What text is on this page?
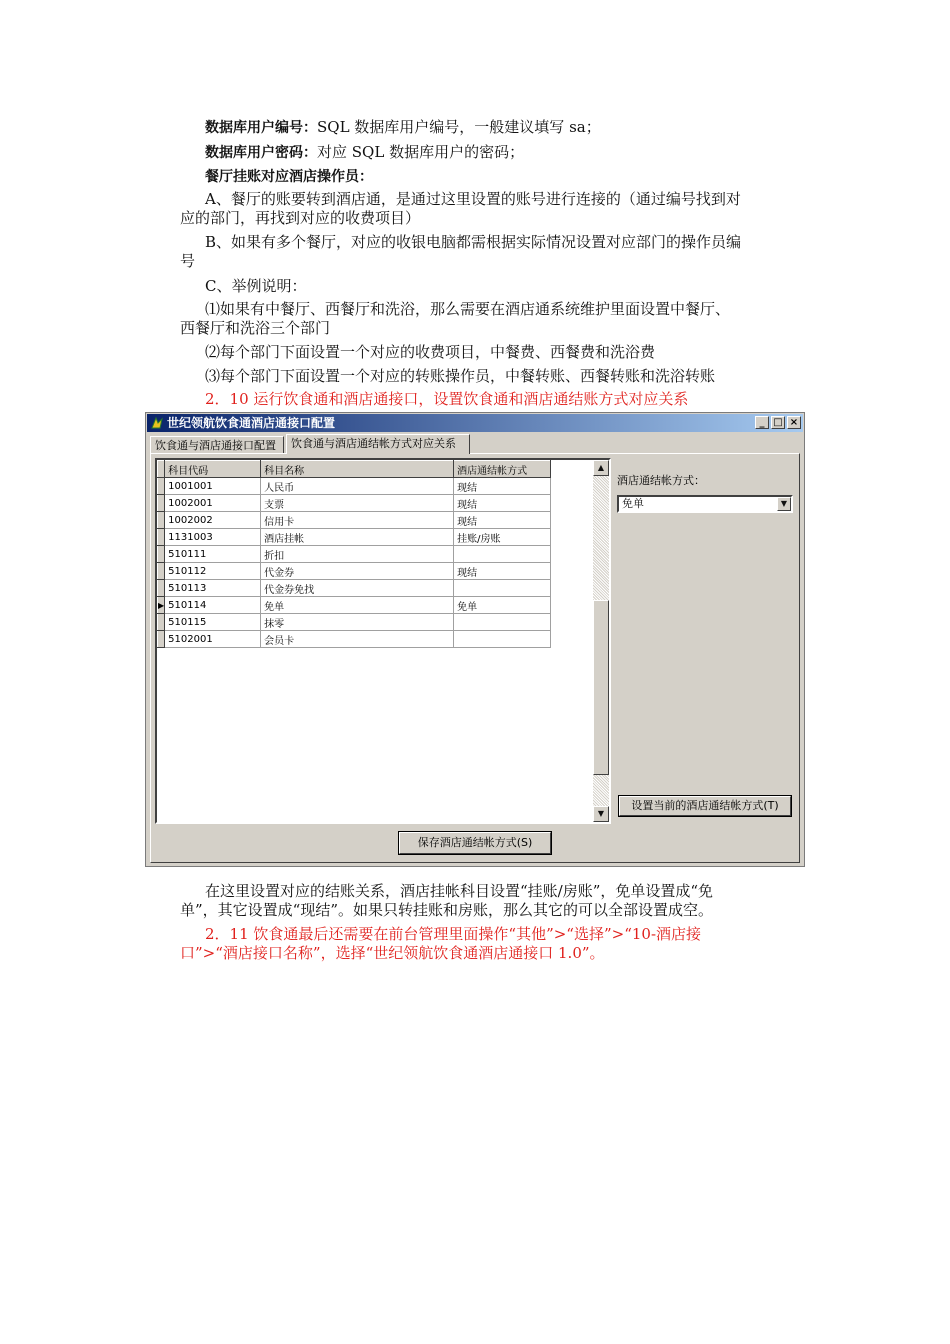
数据库用户编号：SQL 数据库用户编号，一般建议填写 sa；
数据库用户密码：对应 SQL 数据库用户的密码；
餐厅挂账对应酒店操作员：
A、餐厅的账要转到酒店通，是通过这里设置的账号进行连接的（通过编号找到对
应的部门，再找到对应的收费项目）
B、如果有多个餐厅，对应的收银电脑都需根据实际情况设置对应部门的操作员编
号
C、举例说明：
⑴如果有中餐厅、西餐厅和洗浴，那么需要在酒店通系统维护里面设置中餐厅、
西餐厅和洗浴三个部门
⑵每个部门下面设置一个对应的收费项目，中餐费、西餐费和洗浴费
⑶每个部门下面设置一个对应的转账操作员，中餐转账、西餐转账和洗浴转账
2．10 运行饮食通和酒店通接口，设置饮食通和酒店通结账方式对应关系
世纪领航饮食通酒店通接口配置	_ □ ×
饮食通与酒店通接口配置	饮食通与酒店通结帐方式对应关系
	科目代码	科目名称	酒店通结帐方式
	1001001	人民币	现结
	1002001	支票	现结
	1002002	信用卡	现结
	1131003	酒店挂帐	挂账/房账
	510111	折扣	
	510112	代金券	现结
	510113	代金券免找	
▶	510114	免单	免单
	510115	抹零	
	5102001	会员卡	
▲
▼
酒店通结帐方式：
免单	▼
设置当前的酒店通结帐方式(T)
保存酒店通结帐方式(S)
在这里设置对应的结账关系，酒店挂帐科目设置“挂账/房账”，免单设置成“免
单”，其它设置成“现结”。如果只转挂账和房账，那么其它的可以全部设置成空。
2．11 饮食通最后还需要在前台管理里面操作“其他”>“选择”>“10-酒店接
口”>“酒店接口名称”，选择“世纪领航饮食通酒店通接口 1.0”。
